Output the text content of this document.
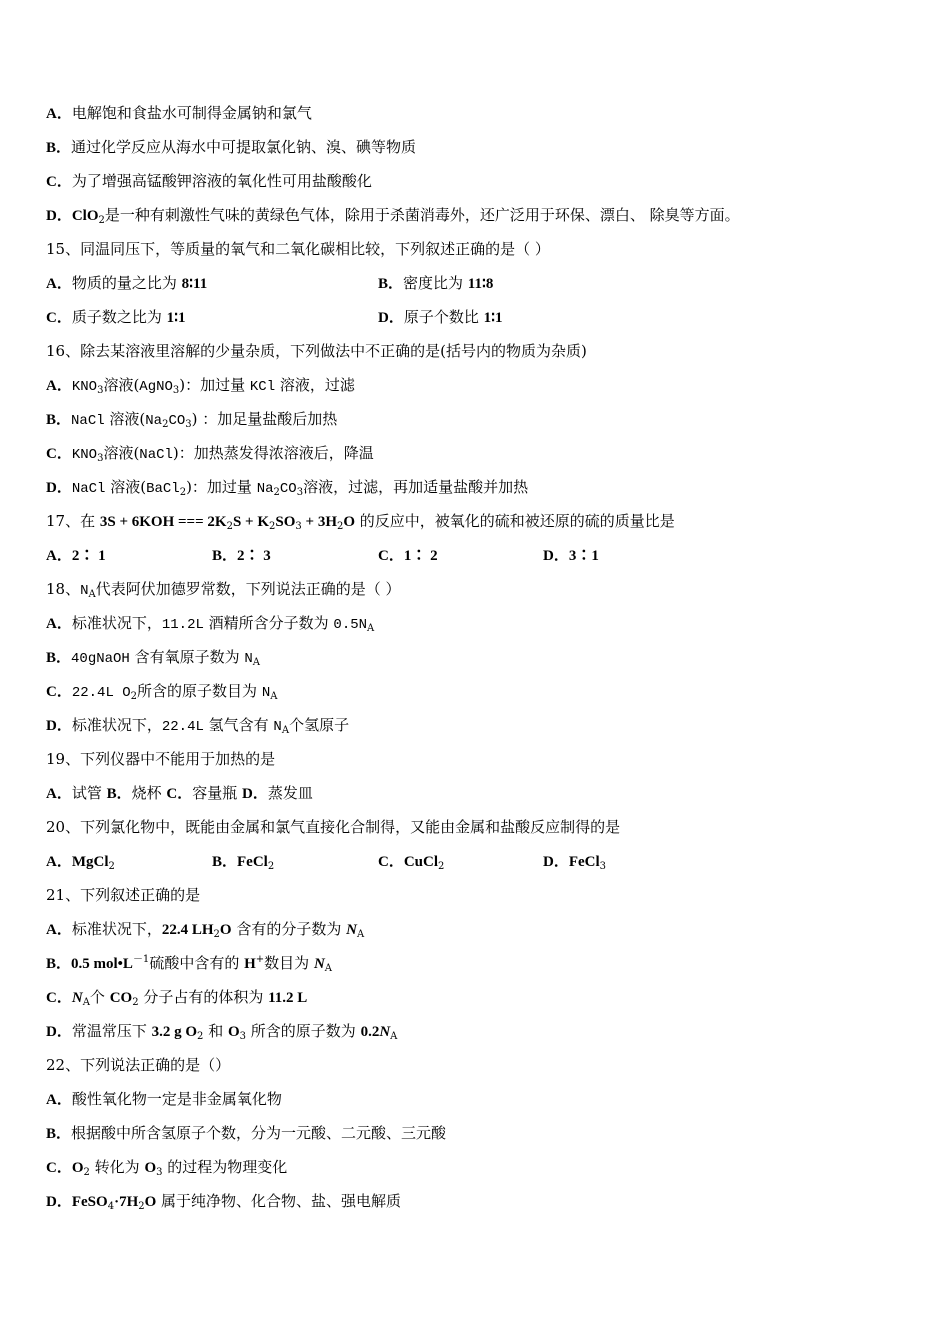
A．电解饱和食盐水可制得金属钠和氯气
B．通过化学反应从海水中可提取氯化钠、溴、碘等物质
C．为了增强高锰酸钾溶液的氧化性可用盐酸酸化
D．ClO$_2$是一种有刺激性气味的黄绿色气体，除用于杀菌消毒外，还广泛用于环保、漂白、 除臭等方面。
15、同温同压下，等质量的氧气和二氧化碳相比较，下列叙述正确的是（ ）
A．物质的量之比为 8∶11	B．密度比为 11∶8
C．质子数之比为 1∶1	D．原子个数比 1∶1
16、除去某溶液里溶解的少量杂质，下列做法中不正确的是(括号内的物质为杂质)
A．$KNO_3$溶液(AgNO$_3$)：加过量 KCl 溶液，过滤
B．NaCl 溶液$(Na_2CO_3)$ ：加足量盐酸后加热
C．$KNO_3$溶液(NaCl)：加热蒸发得浓溶液后，降温
D．NaCl 溶液(BaCl$_2$)：加过量 $Na_2CO_3$溶液，过滤，再加适量盐酸并加热
17、在 3S + 6KOH === $2K_2S + K_2SO_3 + 3H_2O$ 的反应中，被氧化的硫和被还原的硫的质量比是
A．2∶ 1	B．2∶ 3	C．1∶ 2	D．3∶1
18、$N_A$代表阿伏加德罗常数，下列说法正确的是（ ）
A．标准状况下，11.2L 酒精所含分子数为 $0.5N_A$
B．40gNaOH 含有氧原子数为 $N_A$
C．22.4L $O_2$所含的原子数目为 $N_A$
D．标准状况下，22.4L 氢气含有 $N_A$个氢原子
19、下列仪器中不能用于加热的是
A．试管 B．烧杯 C．容量瓶 D．蒸发皿
20、下列氯化物中，既能由金属和氯气直接化合制得，又能由金属和盐酸反应制得的是
A．MgCl$_2$	B．FeCl$_2$	C．CuCl$_2$	D．FeCl$_3$
21、下列叙述正确的是
A．标准状况下，22.4 $LH_2O$ 含有的分子数为 $N_A$
B．0.5 $mol•L^{-1}$硫酸中含有的 H+数目为 $N_A$
C．$N_A$个 $CO_2$ 分子占有的体积为 11.2 L
D．常温常压下 3.2 g $O_2$ 和 $O_3$ 所含的原子数为 $0.2N_A$
22、下列说法正确的是（）
A．酸性氧化物一定是非金属氧化物
B．根据酸中所含氢原子个数，分为一元酸、二元酸、三元酸
C．$O_2$ 转化为 $O_3$ 的过程为物理变化
D．$FeSO_4\cdot 7H_2O$ 属于纯净物、化合物、盐、强电解质
